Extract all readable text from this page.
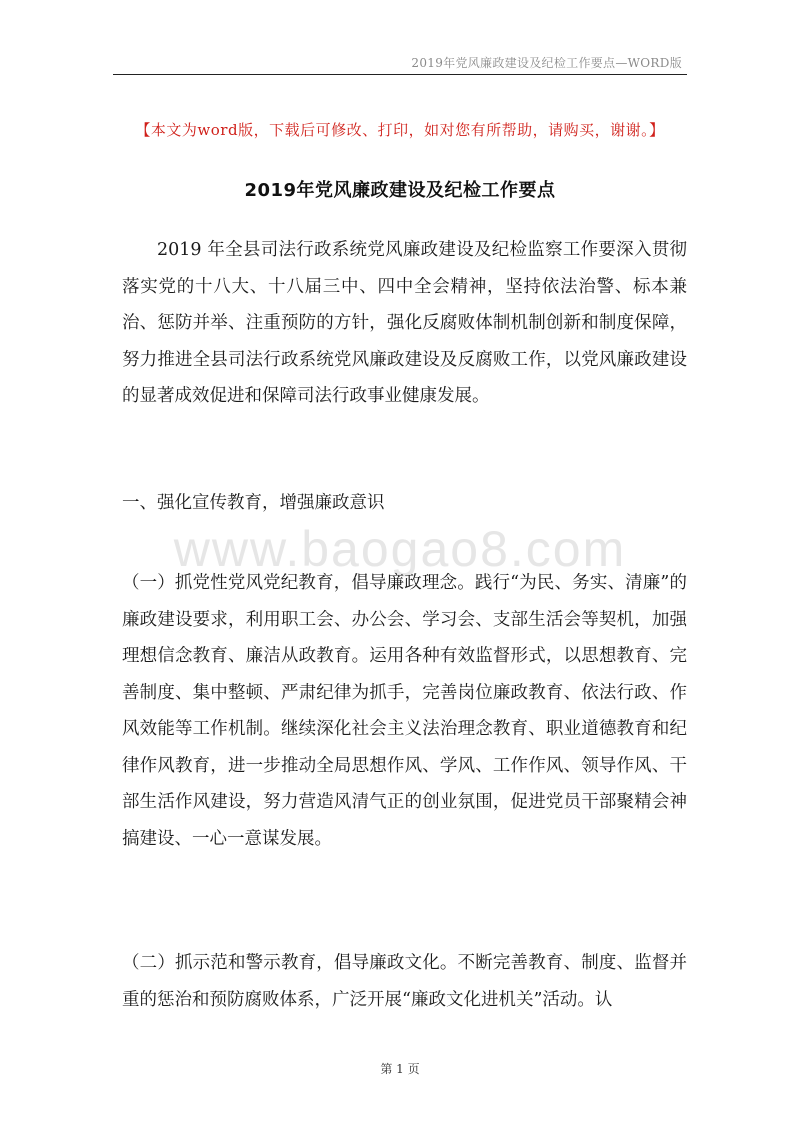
2019年党风廉政建设及纪检工作要点—WORD版
www.baogao8.com
【本文为word版，下载后可修改、打印，如对您有所帮助，请购买，谢谢。】
2019年党风廉政建设及纪检工作要点

2019 年全县司法行政系统党风廉政建设及纪检监察工作要深入贯彻落实党的十八大、十八届三中、四中全会精神，坚持依法治警、标本兼治、惩防并举、注重预防的方针，强化反腐败体制机制创新和制度保障，努力推进全县司法行政系统党风廉政建设及反腐败工作，以党风廉政建设的显著成效促进和保障司法行政事业健康发展。

一、强化宣传教育，增强廉政意识

（一）抓党性党风党纪教育，倡导廉政理念。践行“为民、务实、清廉”的廉政建设要求，利用职工会、办公会、学习会、支部生活会等契机，加强理想信念教育、廉洁从政教育。运用各种有效监督形式，以思想教育、完善制度、集中整顿、严肃纪律为抓手，完善岗位廉政教育、依法行政、作风效能等工作机制。继续深化社会主义法治理念教育、职业道德教育和纪律作风教育，进一步推动全局思想作风、学风、工作作风、领导作风、干部生活作风建设，努力营造风清气正的创业氛围，促进党员干部聚精会神搞建设、一心一意谋发展。

（二）抓示范和警示教育，倡导廉政文化。不断完善教育、制度、监督并重的惩治和预防腐败体系，广泛开展“廉政文化进机关”活动。认

第 1 页
